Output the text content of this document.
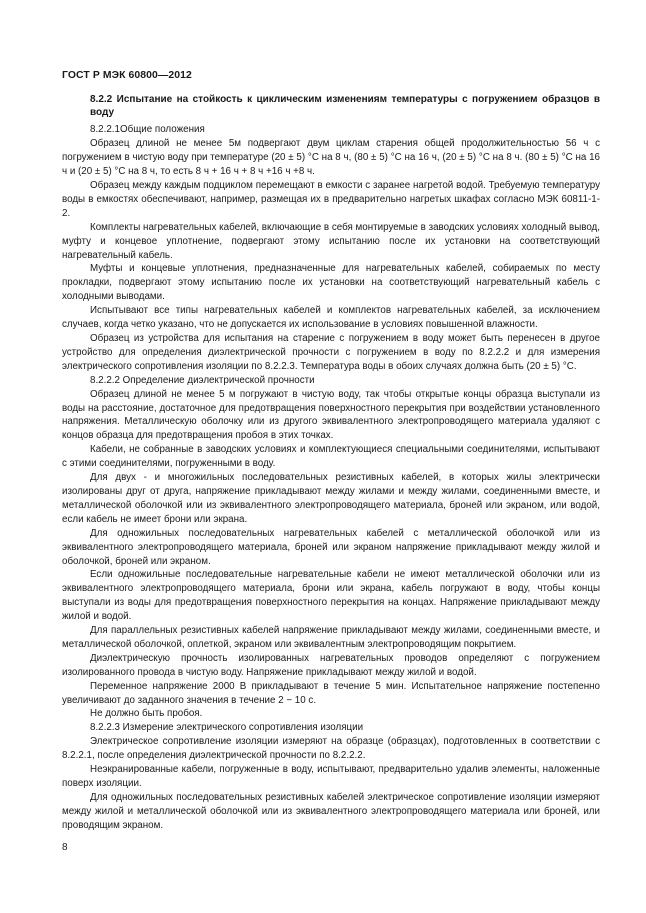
ГОСТ Р МЭК 60800—2012

8.2.2 Испытание на стойкость к циклическим изменениям температуры с погружением образцов в воду

8.2.2.1Общие положения

Образец длиной не менее 5м подвергают двум циклам старения общей продолжительностью 56 ч с погружением в чистую воду при температуре (20 ± 5) °С на 8 ч, (80 ± 5) °С на 16 ч, (20 ± 5) °С на 8 ч. (80 ± 5) °С на 16 ч и (20 ± 5) °С на 8 ч, то есть 8 ч + 16 ч + 8 ч +16 ч +8 ч.

Образец между каждым подциклом перемещают в емкости с заранее нагретой водой. Требуемую температуру воды в емкостях обеспечивают, например, размещая их в предварительно нагретых шкафах согласно МЭК 60811-1-2.

Комплекты нагревательных кабелей, включающие в себя монтируемые в заводских условиях холодный вывод, муфту и концевое уплотнение, подвергают этому испытанию после их установки на соответствующий нагревательный кабель.

Муфты и концевые уплотнения, предназначенные для нагревательных кабелей, собираемых по месту прокладки, подвергают этому испытанию после их установки на соответствующий нагревательный кабель с холодными выводами.

Испытывают все типы нагревательных кабелей и комплектов нагревательных кабелей, за исключением случаев, когда четко указано, что не допускается их использование в условиях повышенной влажности.

Образец из устройства для испытания на старение с погружением в воду может быть перенесен в другое устройство для определения диэлектрической прочности с погружением в воду по 8.2.2.2 и для измерения электрического сопротивления изоляции по 8.2.2.3. Температура воды в обоих случаях должна быть (20 ± 5) °С.

8.2.2.2 Определение диэлектрической прочности

Образец длиной не менее 5 м погружают в чистую воду, так чтобы открытые концы образца выступали из воды на расстояние, достаточное для предотвращения поверхностного перекрытия при воздействии установленного напряжения. Металлическую оболочку или из другого эквивалентного электропроводящего материала удаляют с концов образца для предотвращения пробоя в этих точках.

Кабели, не собранные в заводских условиях и комплектующиеся специальными соединителями, испытывают с этими соединителями, погруженными в воду.

Для двух - и многожильных последовательных резистивных кабелей, в которых жилы электрически изолированы друг от друга, напряжение прикладывают между жилами и между жилами, соединенными вместе, и металлической оболочкой или из эквивалентного электропроводящего материала, броней или экраном, или водой, если кабель не имеет брони или экрана.

Для одножильных последовательных нагревательных кабелей с металлической оболочкой или из эквивалентного электропроводящего материала, броней или экраном напряжение прикладывают между жилой и оболочкой, броней или экраном.

Если одножильные последовательные нагревательные кабели не имеют металлической оболочки или из эквивалентного электропроводящего материала, брони или экрана, кабель погружают в воду, чтобы концы выступали из воды для предотвращения поверхностного перекрытия на концах. Напряжение прикладывают между жилой и водой.

Для параллельных резистивных кабелей напряжение прикладывают между жилами, соединенными вместе, и металлической оболочкой, оплеткой, экраном или эквивалентным электропроводящим покрытием.

Диэлектрическую прочность изолированных нагревательных проводов определяют с погружением изолированного провода в чистую воду. Напряжение прикладывают между жилой и водой.

Переменное напряжение 2000 В прикладывают в течение 5 мин. Испытательное напряжение постепенно увеличивают до заданного значения в течение 2 − 10 с.

Не должно быть пробоя.

8.2.2.3 Измерение электрического сопротивления изоляции

Электрическое сопротивление изоляции измеряют на образце (образцах), подготовленных в соответствии с 8.2.2.1, после определения диэлектрической прочности по 8.2.2.2.

Неэкранированные кабели, погруженные в воду, испытывают, предварительно удалив элементы, наложенные поверх изоляции.

Для одножильных последовательных резистивных кабелей электрическое сопротивление изоляции измеряют между жилой и металлической оболочкой или из эквивалентного электропроводящего материала или броней, или проводящим экраном.

8
